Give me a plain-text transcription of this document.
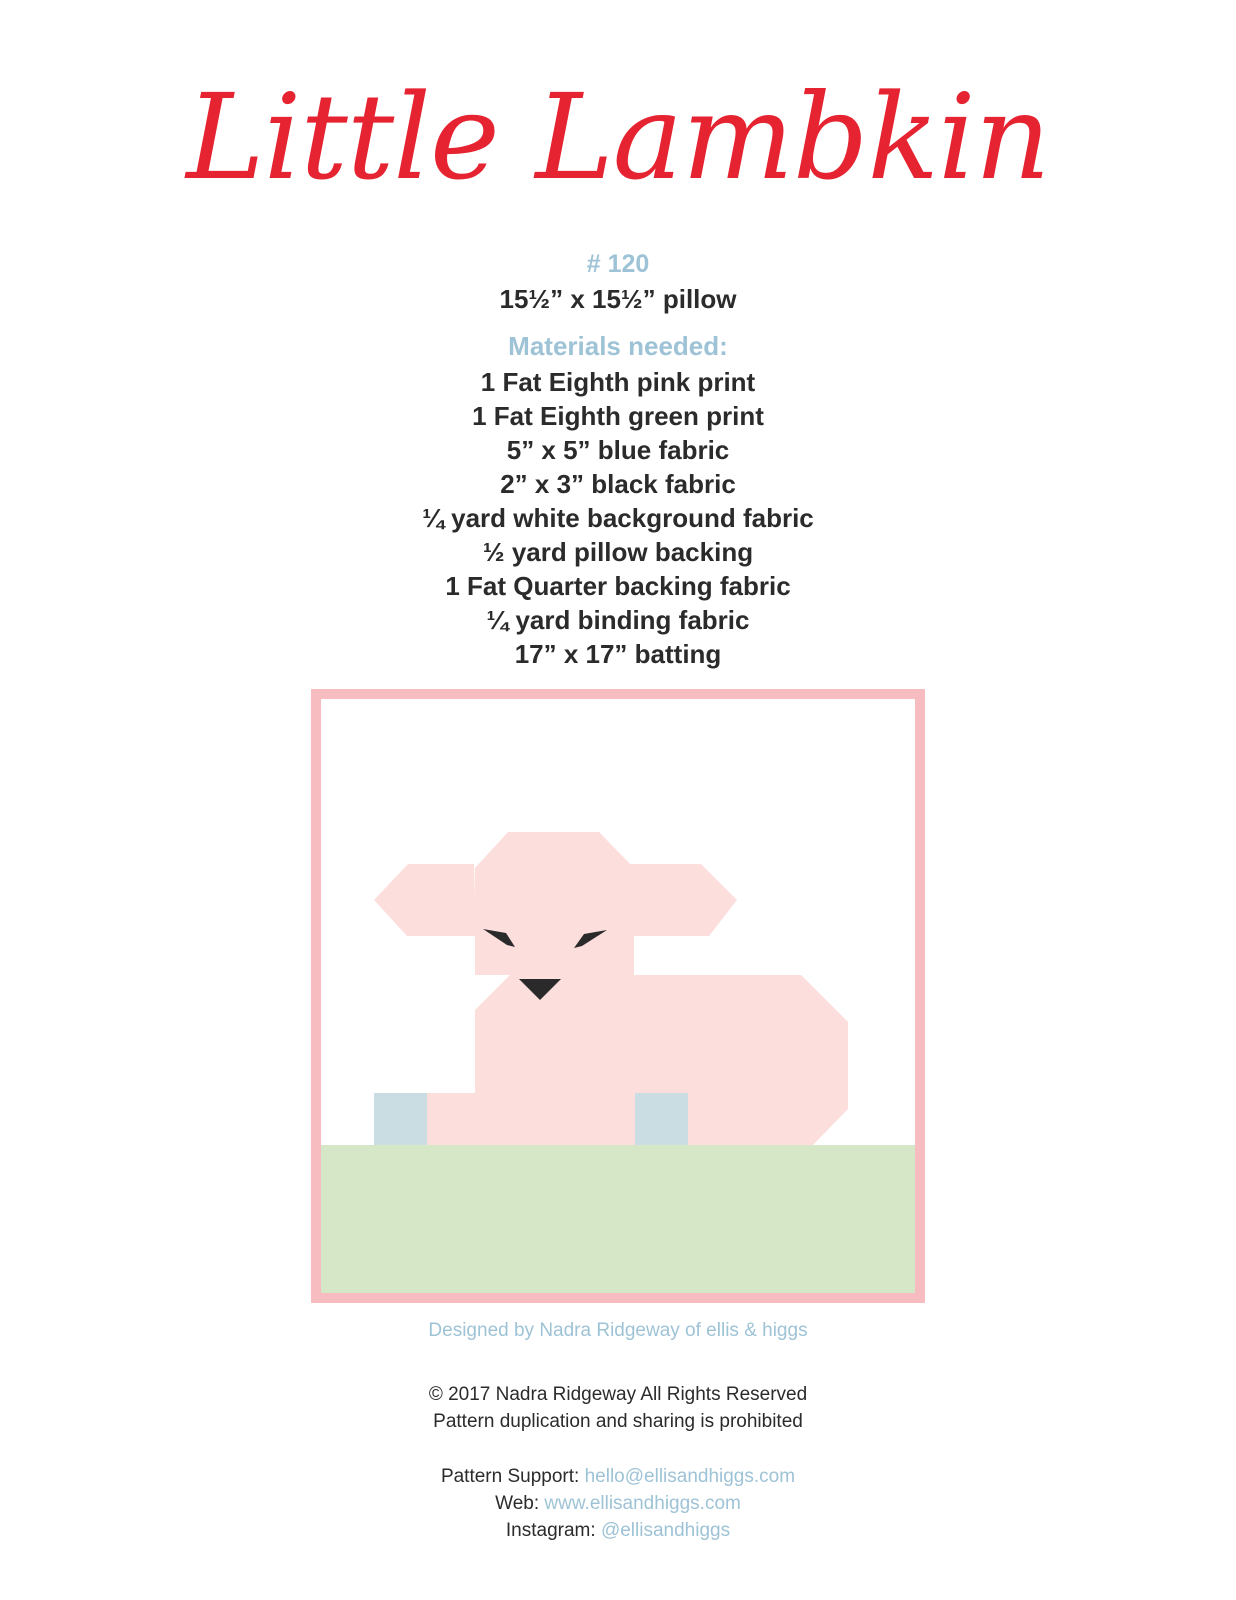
Little Lambkin
# 120
15½” x 15½” pillow
Materials needed:
1 Fat Eighth pink print
1 Fat Eighth green print
5” x 5” blue fabric
2” x 3” black fabric
¼ yard white background fabric
½ yard pillow backing
1 Fat Quarter backing fabric
¼ yard binding fabric
17” x 17” batting
Designed by Nadra Ridgeway of ellis & higgs
© 2017 Nadra Ridgeway All Rights Reserved
Pattern duplication and sharing is prohibited
Pattern Support: hello@ellisandhiggs.com
Web: www.ellisandhiggs.com
Instagram: @ellisandhiggs
